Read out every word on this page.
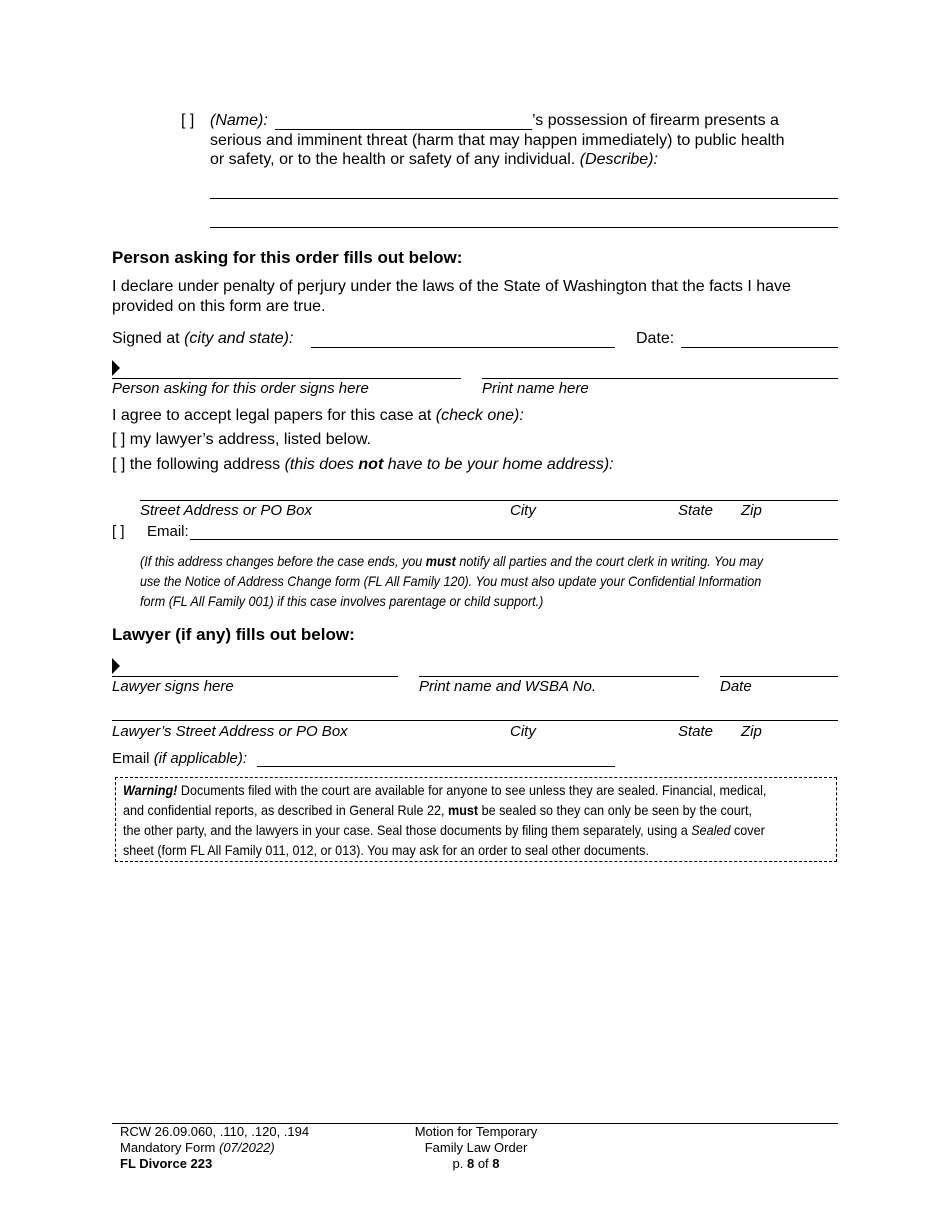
[ ] (Name):	’s possession of firearm presents a
serious and imminent threat (harm that may happen immediately) to public health
or safety, or to the health or safety of any individual. (Describe):
Person asking for this order fills out below:
I declare under penalty of perjury under the laws of the State of Washington that the facts I have
provided on this form are true.
Signed at (city and state):	Date:
Person asking for this order signs here	Print name here
I agree to accept legal papers for this case at (check one):
[ ] my lawyer’s address, listed below.
[ ] the following address (this does not have to be your home address):
Street Address or PO Box	City	State Zip
[ ] Email:
(If this address changes before the case ends, you must notify all parties and the court clerk in writing. You may
use the Notice of Address Change form (FL All Family 120). You must also update your Confidential Information
form (FL All Family 001) if this case involves parentage or child support.)
Lawyer (if any) fills out below:
Lawyer signs here	Print name and WSBA No.	Date
Lawyer’s Street Address or PO Box	City	State Zip
Email (if applicable):
Warning! Documents filed with the court are available for anyone to see unless they are sealed. Financial, medical,
and confidential reports, as described in General Rule 22, must be sealed so they can only be seen by the court,
the other party, and the lawyers in your case. Seal those documents by filing them separately, using a Sealed cover
sheet (form FL All Family 011, 012, or 013). You may ask for an order to seal other documents.
RCW 26.09.060, .110, .120, .194
Mandatory Form (07/2022)
FL Divorce 223
Motion for Temporary
Family Law Order
p. 8 of 8
